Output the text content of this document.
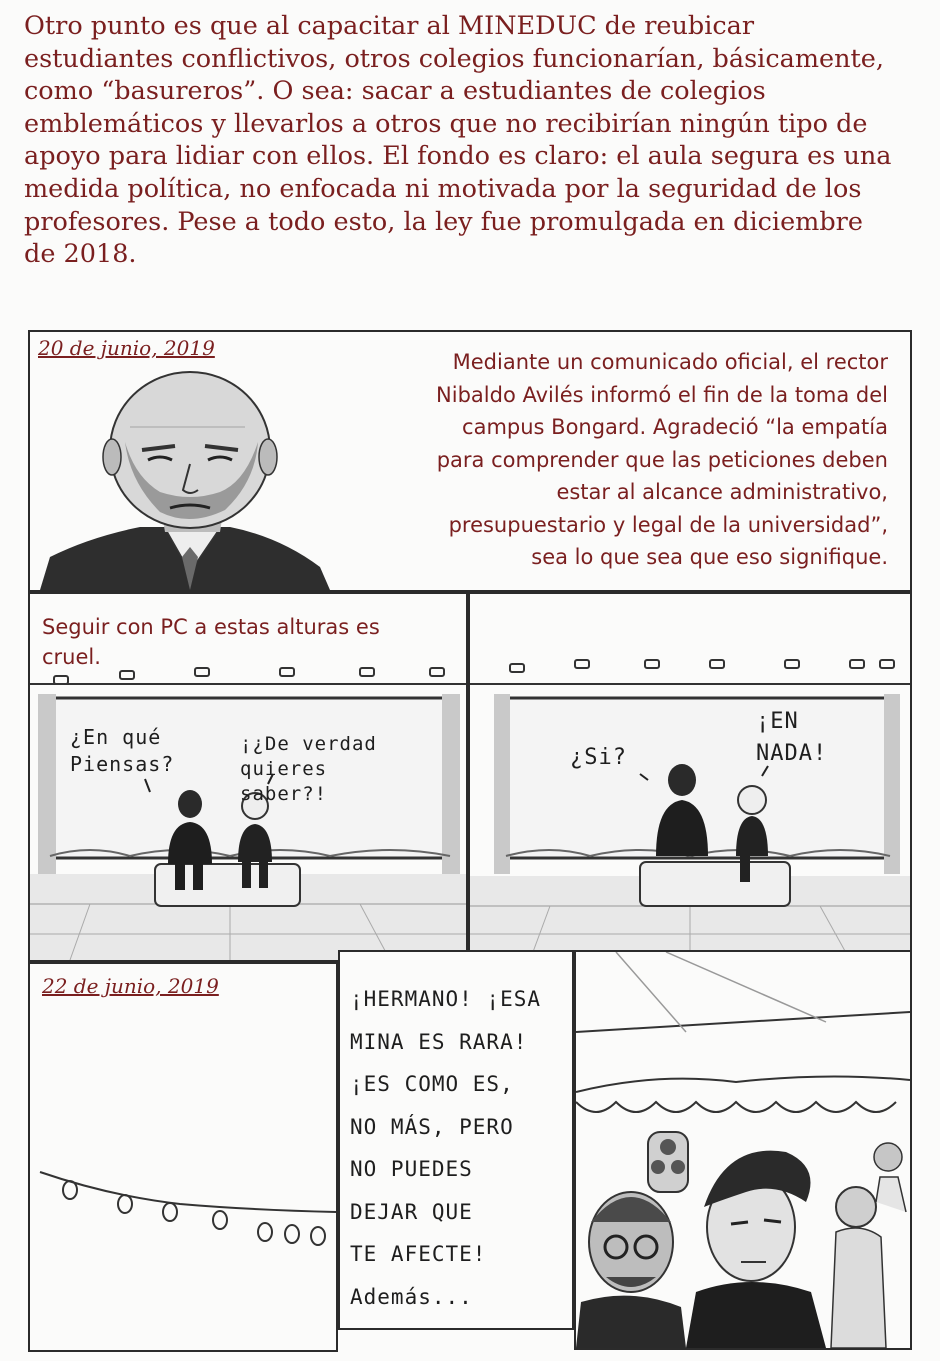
Otro punto es que al capacitar al MINEDUC de reubicar
estudiantes conflictivos, otros colegios funcionarían, básicamente,
como “basureros”. O sea: sacar a estudiantes de colegios
emblemáticos y llevarlos a otros que no recibirían ningún tipo de
apoyo para lidiar con ellos. El fondo es claro: el aula segura es una
medida política, no enfocada ni motivada por la seguridad de los
profesores. Pese a todo esto, la ley fue promulgada en diciembre
de 2018.
20 de junio, 2019
Mediante un comunicado oficial, el rector
Nibaldo Avilés informó el fin de la toma del
campus Bongard. Agradeció “la empatía
para comprender que las peticiones deben
estar al alcance administrativo,
presupuestario y legal de la universidad”,
sea lo que sea que eso signifique.
Seguir con PC a estas alturas es cruel.
¿En qué
Piensas?
¡¿De verdad
quieres
saber?!
¿Si?
¡EN
NADA!
22 de junio, 2019
¡HERMANO! ¡ESA
MINA ES RARA!
¡ES COMO ES,
NO MÁS, PERO
NO PUEDES
DEJAR QUE
TE AFECTE!
Además...
